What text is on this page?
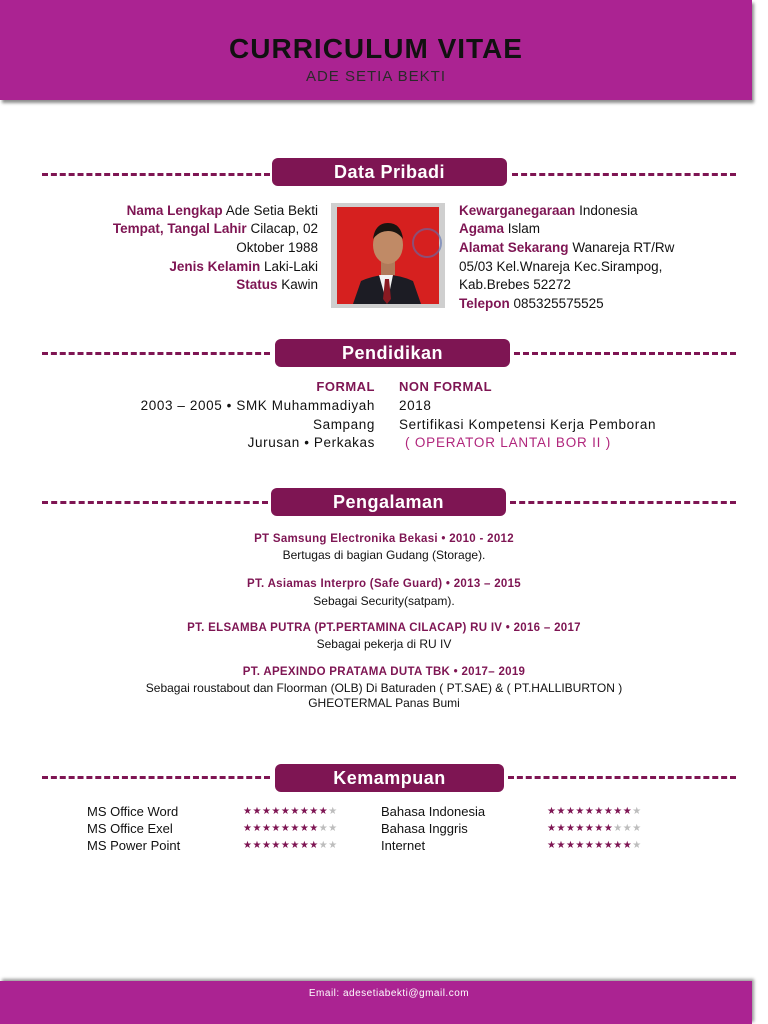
CURRICULUM VITAE
ADE SETIA BEKTI
Data Pribadi
Nama Lengkap Ade Setia Bekti
Tempat, Tangal Lahir Cilacap, 02
Oktober 1988
Jenis Kelamin Laki-Laki
Status Kawin
Kewarganegaraan Indonesia
Agama Islam
Alamat Sekarang Wanareja RT/Rw
05/03 Kel.Wnareja Kec.Sirampog,
Kab.Brebes 52272
Telepon 085325575525
Pendidikan
FORMAL
2003 – 2005 • SMK Muhammadiyah
Sampang
Jurusan • Perkakas
NON FORMAL
2018
Sertifikasi Kompetensi Kerja Pemboran
( OPERATOR LANTAI BOR II )
Pengalaman
PT Samsung Electronika Bekasi • 2010 - 2012
Bertugas di bagian Gudang (Storage).
PT. Asiamas Interpro (Safe Guard) • 2013 – 2015
Sebagai Security(satpam).
PT. ELSAMBA PUTRA (PT.PERTAMINA CILACAP) RU IV • 2016 – 2017
Sebagai pekerja di RU IV
PT. APEXINDO PRATAMA DUTA TBK • 2017– 2019
Sebagai roustabout dan Floorman (OLB) Di Baturaden ( PT.SAE) & ( PT.HALLIBURTON )
GHEOTERMAL Panas Bumi
Kemampuan
MS Office Word
MS Office Exel
MS Power Point
★★★★★★★★★★
★★★★★★★★★★
★★★★★★★★★★
Bahasa Indonesia
Bahasa Inggris
Internet
★★★★★★★★★★
★★★★★★★★★★
★★★★★★★★★★
Email: adesetiabekti@gmail.com
